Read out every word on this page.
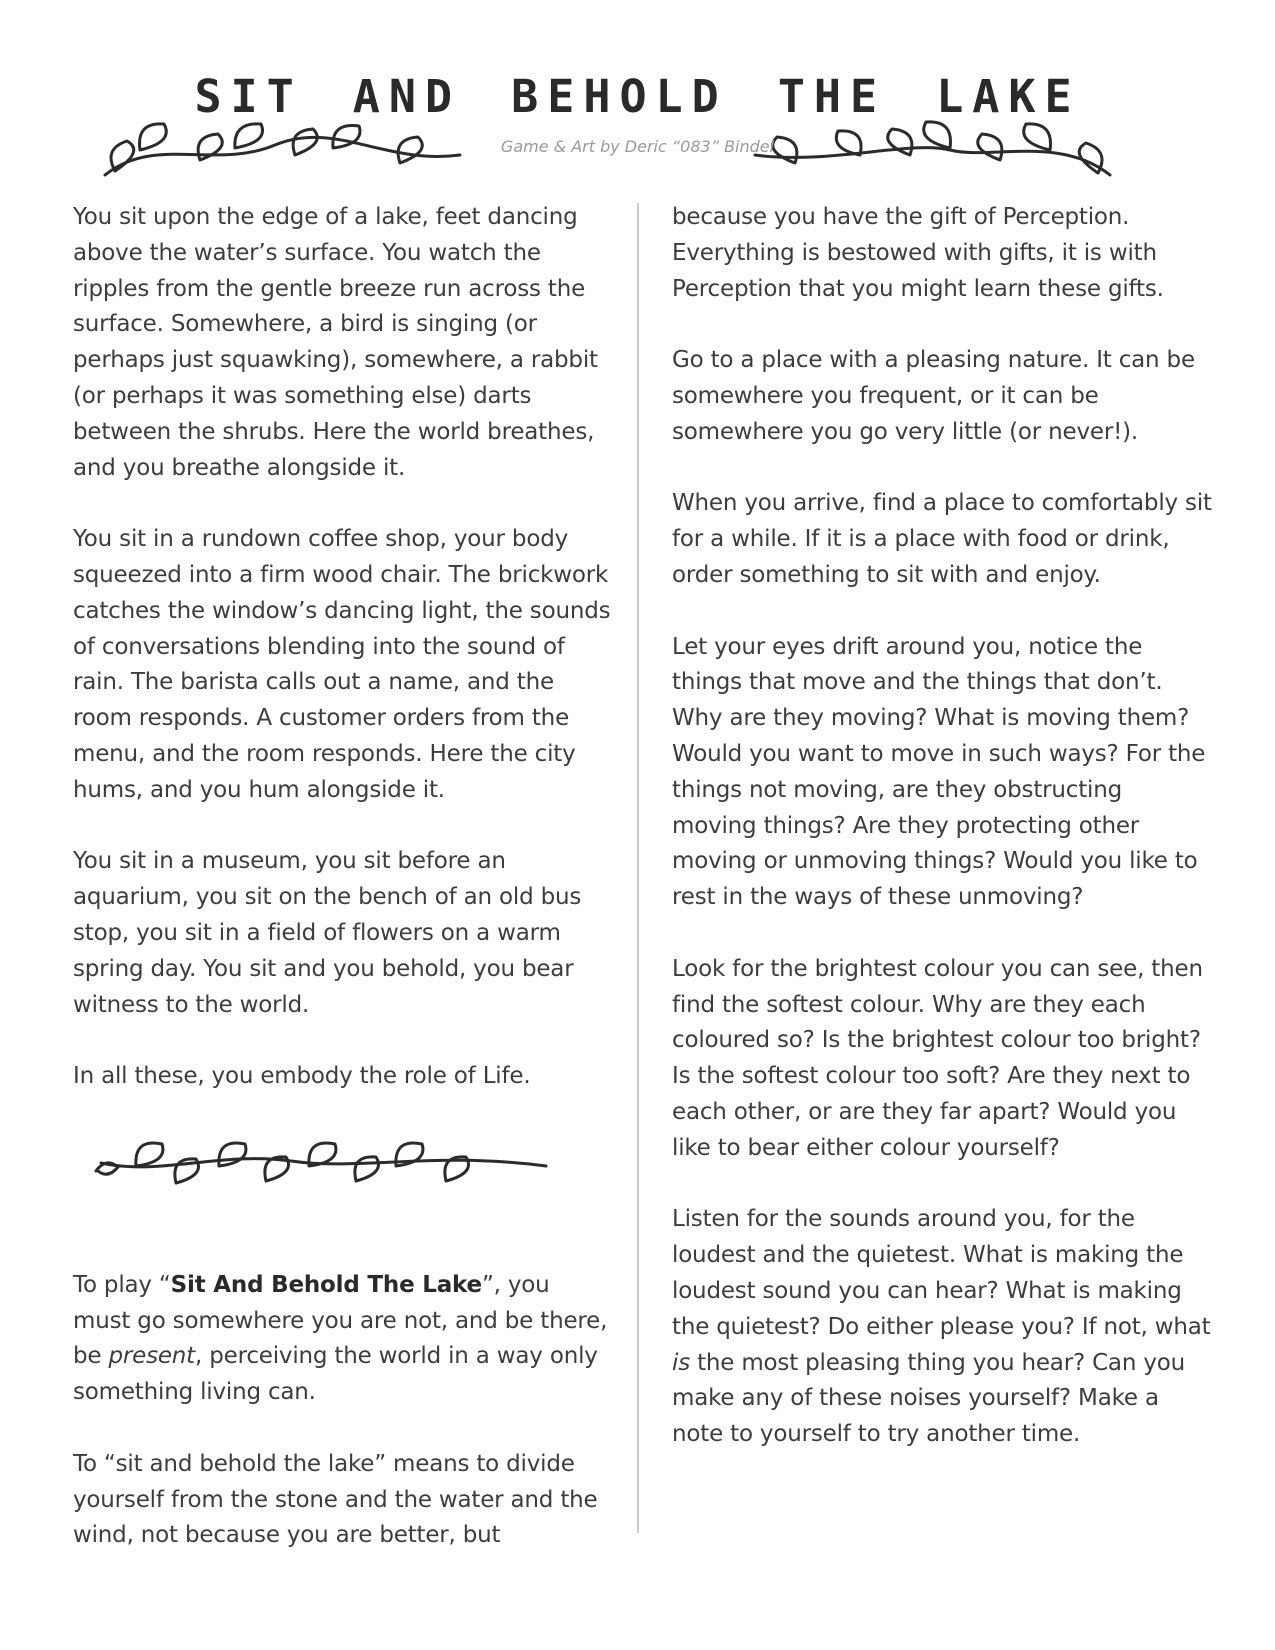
SIT AND BEHOLD THE LAKE
Game & Art by Deric “083” Bindel

You sit upon the edge of a lake, feet dancing above the water’s surface. You watch the ripples from the gentle breeze run across the surface. Somewhere, a bird is singing (or perhaps just squawking), somewhere, a rabbit (or perhaps it was something else) darts between the shrubs. Here the world breathes, and you breathe alongside it.

You sit in a rundown coffee shop, your body squeezed into a firm wood chair. The brickwork catches the window’s dancing light, the sounds of conversations blending into the sound of rain. The barista calls out a name, and the room responds. A customer orders from the menu, and the room responds. Here the city hums, and you hum alongside it.

You sit in a museum, you sit before an aquarium, you sit on the bench of an old bus stop, you sit in a field of flowers on a warm spring day. You sit and you behold, you bear witness to the world.

In all these, you embody the role of Life.

To play “Sit And Behold The Lake”, you must go somewhere you are not, and be there, be present, perceiving the world in a way only something living can.

To “sit and behold the lake” means to divide yourself from the stone and the water and the wind, not because you are better, but

because you have the gift of Perception. Everything is bestowed with gifts, it is with Perception that you might learn these gifts.

Go to a place with a pleasing nature. It can be somewhere you frequent, or it can be somewhere you go very little (or never!).

When you arrive, find a place to comfortably sit for a while. If it is a place with food or drink, order something to sit with and enjoy.

Let your eyes drift around you, notice the things that move and the things that don’t. Why are they moving? What is moving them? Would you want to move in such ways? For the things not moving, are they obstructing moving things? Are they protecting other moving or unmoving things? Would you like to rest in the ways of these unmoving?

Look for the brightest colour you can see, then find the softest colour. Why are they each coloured so? Is the brightest colour too bright? Is the softest colour too soft? Are they next to each other, or are they far apart? Would you like to bear either colour yourself?

Listen for the sounds around you, for the loudest and the quietest. What is making the loudest sound you can hear? What is making the quietest? Do either please you? If not, what is the most pleasing thing you hear? Can you make any of these noises yourself? Make a note to yourself to try another time.
